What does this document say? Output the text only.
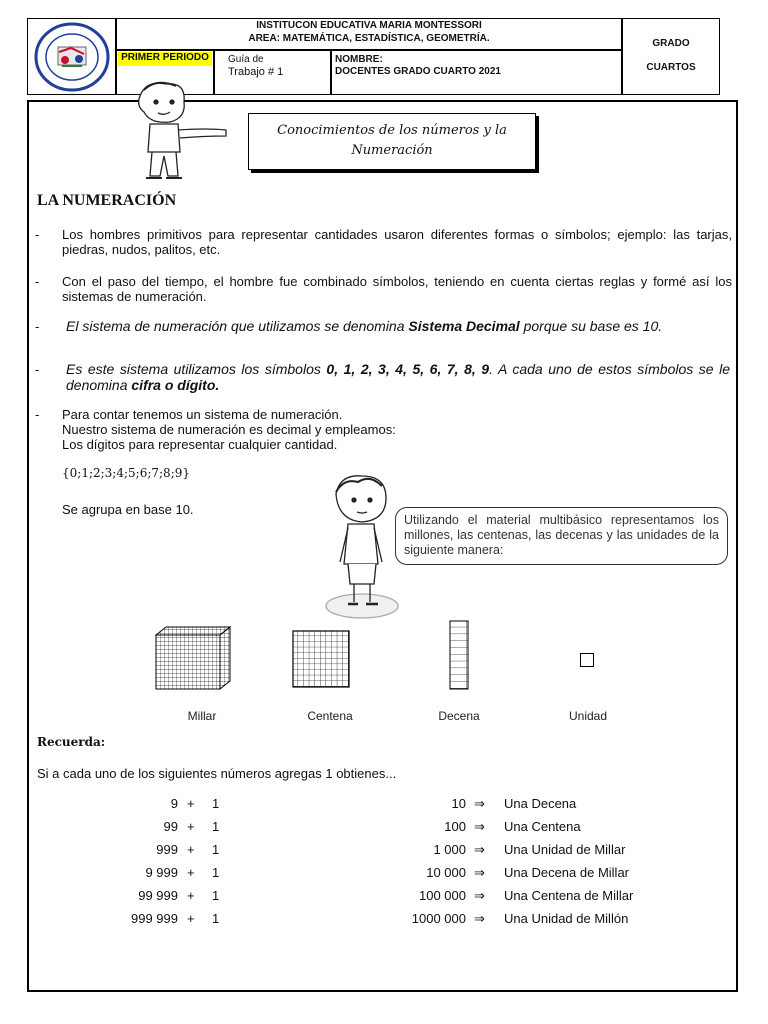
INSTITUCON EDUCATIVA MARIA MONTESSORI
AREA: MATEMÁTICA, ESTADÍSTICA, GEOMETRÍA.
PRIMER PERIODO	Guía de
Trabajo # 1
NOMBRE:
DOCENTES GRADO CUARTO 2021
GRADO
CUARTOS
Conocimientos de los números y la
Numeración
LA NUMERACIÓN
- Los hombres primitivos para representar cantidades usaron diferentes formas o símbolos; ejemplo: las tarjas, piedras, nudos, palitos, etc.
- Con el paso del tiempo, el hombre fue combinado símbolos, teniendo en cuenta ciertas reglas y formé así los sistemas de numeración.
- El sistema de numeración que utilizamos se denomina Sistema Decimal porque su base es 10.
- Es este sistema utilizamos los símbolos 0, 1, 2, 3, 4, 5, 6, 7, 8, 9. A cada uno de estos símbolos se le denomina cifra o dígito.
- Para contar tenemos un sistema de numeración.
Nuestro sistema de numeración es decimal y empleamos:
Los dígitos para representar cualquier cantidad.
{0;1;2;3;4;5;6;7;8;9}
Se agrupa en base 10.
Utilizando el material multibásico representamos los millones, las centenas, las decenas y las unidades de la siguiente manera:
Millar	Centena	Decena	Unidad
Recuerda:
Si a cada uno de los siguientes números agregas 1 obtienes...
9 + 1	10 ⇒ Una Decena
99 + 1	100 ⇒ Una Centena
999 + 1	1 000 ⇒ Una Unidad de Millar
9 999 + 1	10 000 ⇒ Una Decena de Millar
99 999 + 1	100 000 ⇒ Una Centena de Millar
999 999 + 1	1000 000 ⇒ Una Unidad de Millón
